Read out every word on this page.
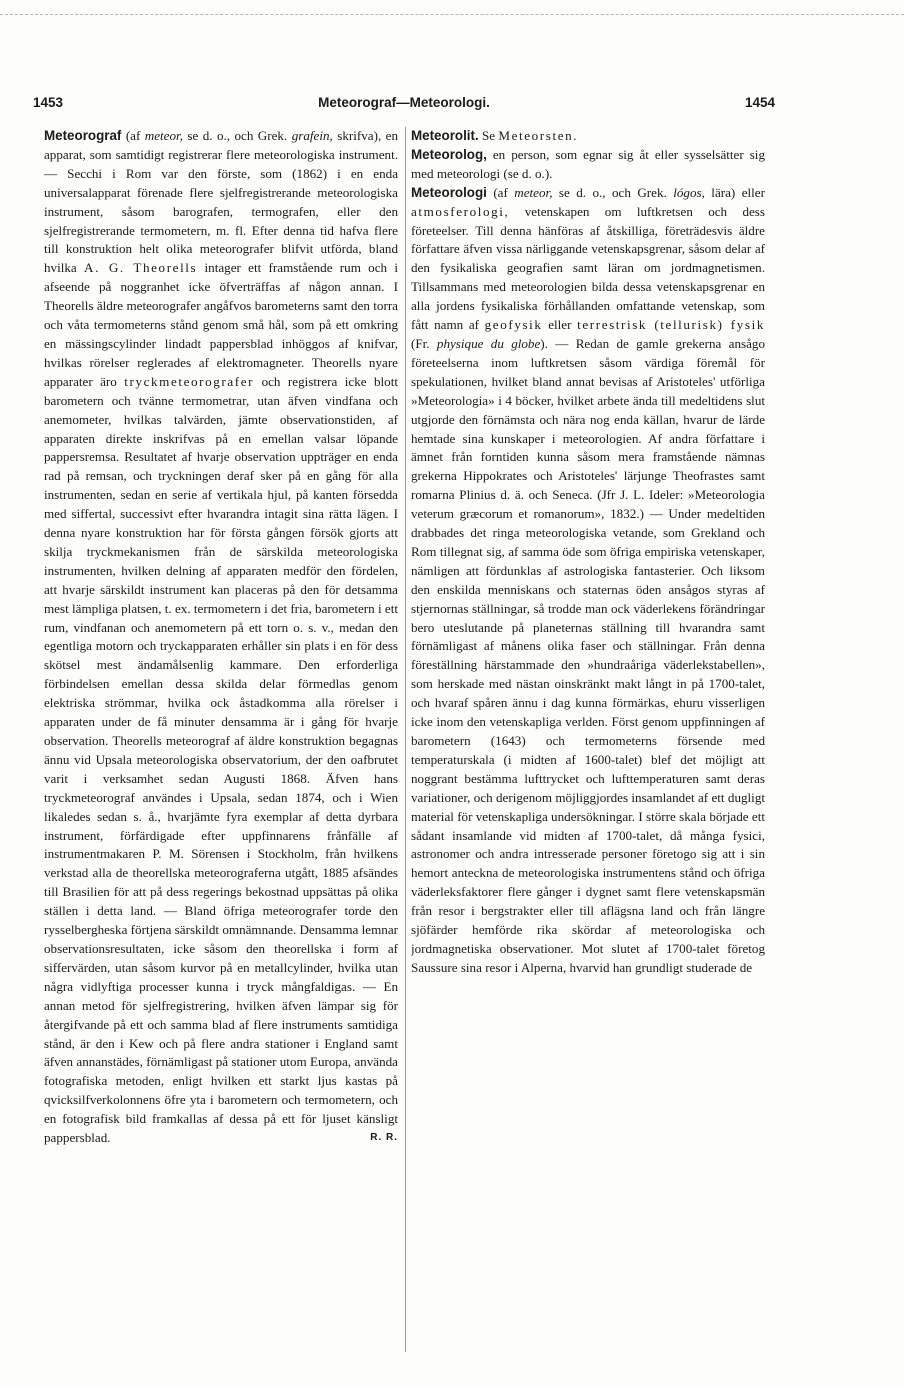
1453	Meteorograf—Meteorologi.	1454

Meteorograf (af meteor, se d. o., och Grek. grafein, skrifva), en apparat, som samtidigt registrerar flere meteorologiska instrument. — Secchi i Rom var den förste, som (1862) i en enda universalapparat förenade flere sjelfregistrerande meteorologiska instrument, såsom barografen, termografen, eller den sjelfregistrerande termometern, m. fl. Efter denna tid hafva flere till konstruktion helt olika meteorografer blifvit utförda, bland hvilka A. G. Theorells intager ett framstående rum och i afseende på noggranhet icke öfverträffas af någon annan. I Theorells äldre meteorografer angåfvos barometerns samt den torra och våta termometerns stånd genom små hål, som på ett omkring en mässingscylinder lindadt pappersblad inhöggos af knifvar, hvilkas rörelser reglerades af elektromagneter. Theorells nyare apparater äro tryckmeteorografer och registrera icke blott barometern och tvänne termometrar, utan äfven vindfana och anemometer, hvilkas talvärden, jämte observationstiden, af apparaten direkte inskrifvas på en emellan valsar löpande pappersremsa. Resultatet af hvarje observation uppträger en enda rad på remsan, och tryckningen deraf sker på en gång för alla instrumenten, sedan en serie af vertikala hjul, på kanten försedda med siffertal, successivt efter hvarandra intagit sina rätta lägen. I denna nyare konstruktion har för första gången försök gjorts att skilja tryckmekanismen från de särskilda meteorologiska instrumenten, hvilken delning af apparaten medför den fördelen, att hvarje särskildt instrument kan placeras på den för detsamma mest lämpliga platsen, t. ex. termometern i det fria, barometern i ett rum, vindfanan och anemometern på ett torn o. s. v., medan den egentliga motorn och tryckapparaten erhåller sin plats i en för dess skötsel mest ändamålsenlig kammare. Den erforderliga förbindelsen emellan dessa skilda delar förmedlas genom elektriska strömmar, hvilka ock åstadkomma alla rörelser i apparaten under de få minuter densamma är i gång för hvarje observation. Theorells meteorograf af äldre konstruktion begagnas ännu vid Upsala meteorologiska observatorium, der den oafbrutet varit i verksamhet sedan Augusti 1868. Äfven hans tryckmeteorograf användes i Upsala, sedan 1874, och i Wien likaledes sedan s. å., hvarjämte fyra exemplar af detta dyrbara instrument, förfärdigade efter uppfinnarens frånfälle af instrumentmakaren P. M. Sörensen i Stockholm, från hvilkens verkstad alla de theorellska meteorograferna utgått, 1885 afsändes till Brasilien för att på dess regerings bekostnad uppsättas på olika ställen i detta land. — Bland öfriga meteorografer torde den rysselbergheska förtjena särskildt omnämnande. Densamma lemnar observationsresultaten, icke såsom den theorellska i form af siffervärden, utan såsom kurvor på en metallcylinder, hvilka utan några vidlyftiga processer kunna i tryck mångfaldigas. — En annan metod för sjelfregistrering, hvilken äfven lämpar sig för återgifvande på ett och samma blad af flere instruments samtidiga stånd, är den i Kew och på flere andra stationer i England samt äfven annanstädes, förnämligast på stationer utom Europa, använda fotografiska metoden, enligt hvilken ett starkt ljus kastas på qvicksilfverkolonnens öfre yta i barometern och termometern, och en fotografisk bild framkallas af dessa på ett för ljuset känsligt pappersblad.	R. R.

Meteorolit. Se Meteorsten.

Meteorolog, en person, som egnar sig åt eller sysselsätter sig med meteorologi (se d. o.).

Meteorologi (af meteor, se d. o., och Grek. lógos, lära) eller atmosferologi, vetenskapen om luftkretsen och dess företeelser. Till denna hänföras af åtskilliga, företrädesvis äldre författare äfven vissa närliggande vetenskapsgrenar, såsom delar af den fysikaliska geografien samt läran om jordmagnetismen. Tillsammans med meteorologien bilda dessa vetenskapsgrenar en alla jordens fysikaliska förhållanden omfattande vetenskap, som fått namn af geofysik eller terrestrisk (tellurisk) fysik (Fr. physique du globe). — Redan de gamle grekerna ansågo företeelserna inom luftkretsen såsom värdiga föremål för spekulationen, hvilket bland annat bevisas af Aristoteles' utförliga »Meteorologia» i 4 böcker, hvilket arbete ända till medeltidens slut utgjorde den förnämsta och nära nog enda källan, hvarur de lärde hemtade sina kunskaper i meteorologien. Af andra författare i ämnet från forntiden kunna såsom mera framstående nämnas grekerna Hippokrates och Aristoteles' lärjunge Theofrastes samt romarna Plinius d. ä. och Seneca. (Jfr J. L. Ideler: »Meteorologia veterum græcorum et romanorum», 1832.) — Under medeltiden drabbades det ringa meteorologiska vetande, som Grekland och Rom tillegnat sig, af samma öde som öfriga empiriska vetenskaper, nämligen att fördunklas af astrologiska fantasterier. Och liksom den enskilda menniskans och staternas öden ansågos styras af stjernornas ställningar, så trodde man ock väderlekens förändringar bero uteslutande på planeternas ställning till hvarandra samt förnämligast af månens olika faser och ställningar. Från denna föreställning härstammade den »hundraåriga väderlekstabellen», som herskade med nästan oinskränkt makt långt in på 1700-talet, och hvaraf spåren ännu i dag kunna förmärkas, ehuru visserligen icke inom den vetenskapliga verlden. Först genom uppfinningen af barometern (1643) och termometerns försende med temperaturskala (i midten af 1600-talet) blef det möjligt att noggrant bestämma lufttrycket och lufttemperaturen samt deras variationer, och derigenom möjliggjordes insamlandet af ett dugligt material för vetenskapliga undersökningar. I större skala började ett sådant insamlande vid midten af 1700-talet, då många fysici, astronomer och andra intresserade personer företogo sig att i sin hemort anteckna de meteorologiska instrumentens stånd och öfriga väderleksfaktorer flere gånger i dygnet samt flere vetenskapsmän från resor i bergstrakter eller till aflägsna land och från längre sjöfärder hemförde rika skördar af meteorologiska och jordmagnetiska observationer. Mot slutet af 1700-talet företog Saussure sina resor i Alperna, hvarvid han grundligt studerade de
